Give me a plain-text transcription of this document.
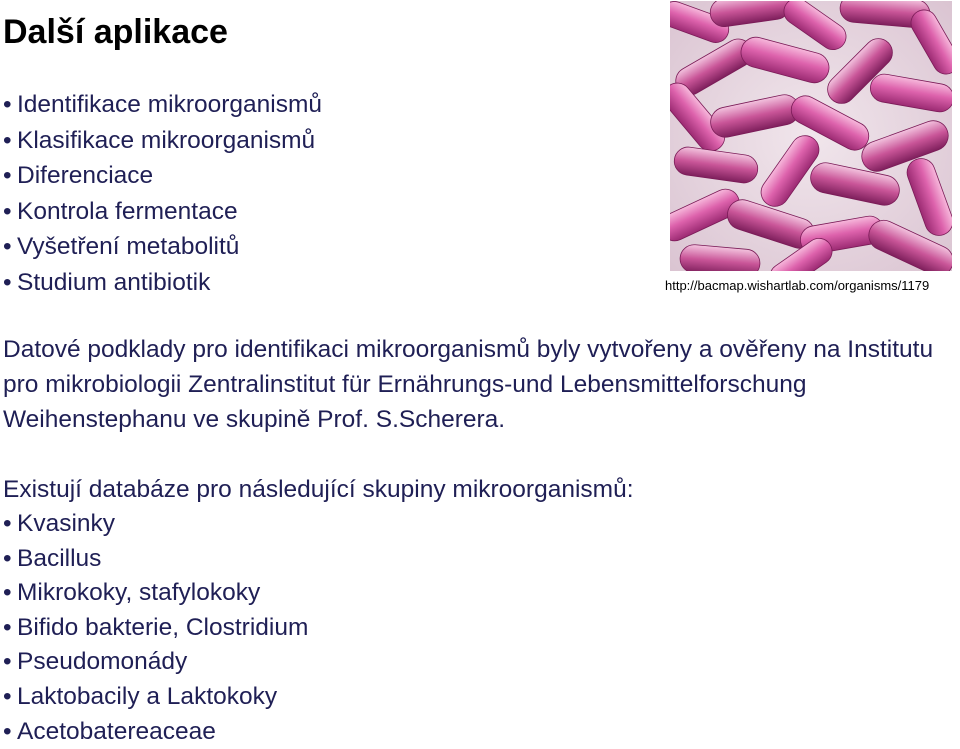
Další aplikace
• Identifikace mikroorganismů
• Klasifikace mikroorganismů
• Diferenciace
• Kontrola fermentace
• Vyšetření metabolitů
• Studium antibiotik	http://bacmap.wishartlab.com/organisms/1179

Datové podklady pro identifikaci mikroorganismů byly vytvořeny a ověřeny na Institutu pro mikrobiologii Zentralinstitut für Ernährungs-und Lebensmittelforschung Weihenstephanu ve skupině Prof. S.Scherera.

Existují databáze pro následující skupiny mikroorganismů:

• Kvasinky
• Bacillus
• Mikrokoky, stafylokoky
• Bifido bakterie, Clostridium
• Pseudomonády
• Laktobacily a Laktokoky
• Acetobatereaceae
